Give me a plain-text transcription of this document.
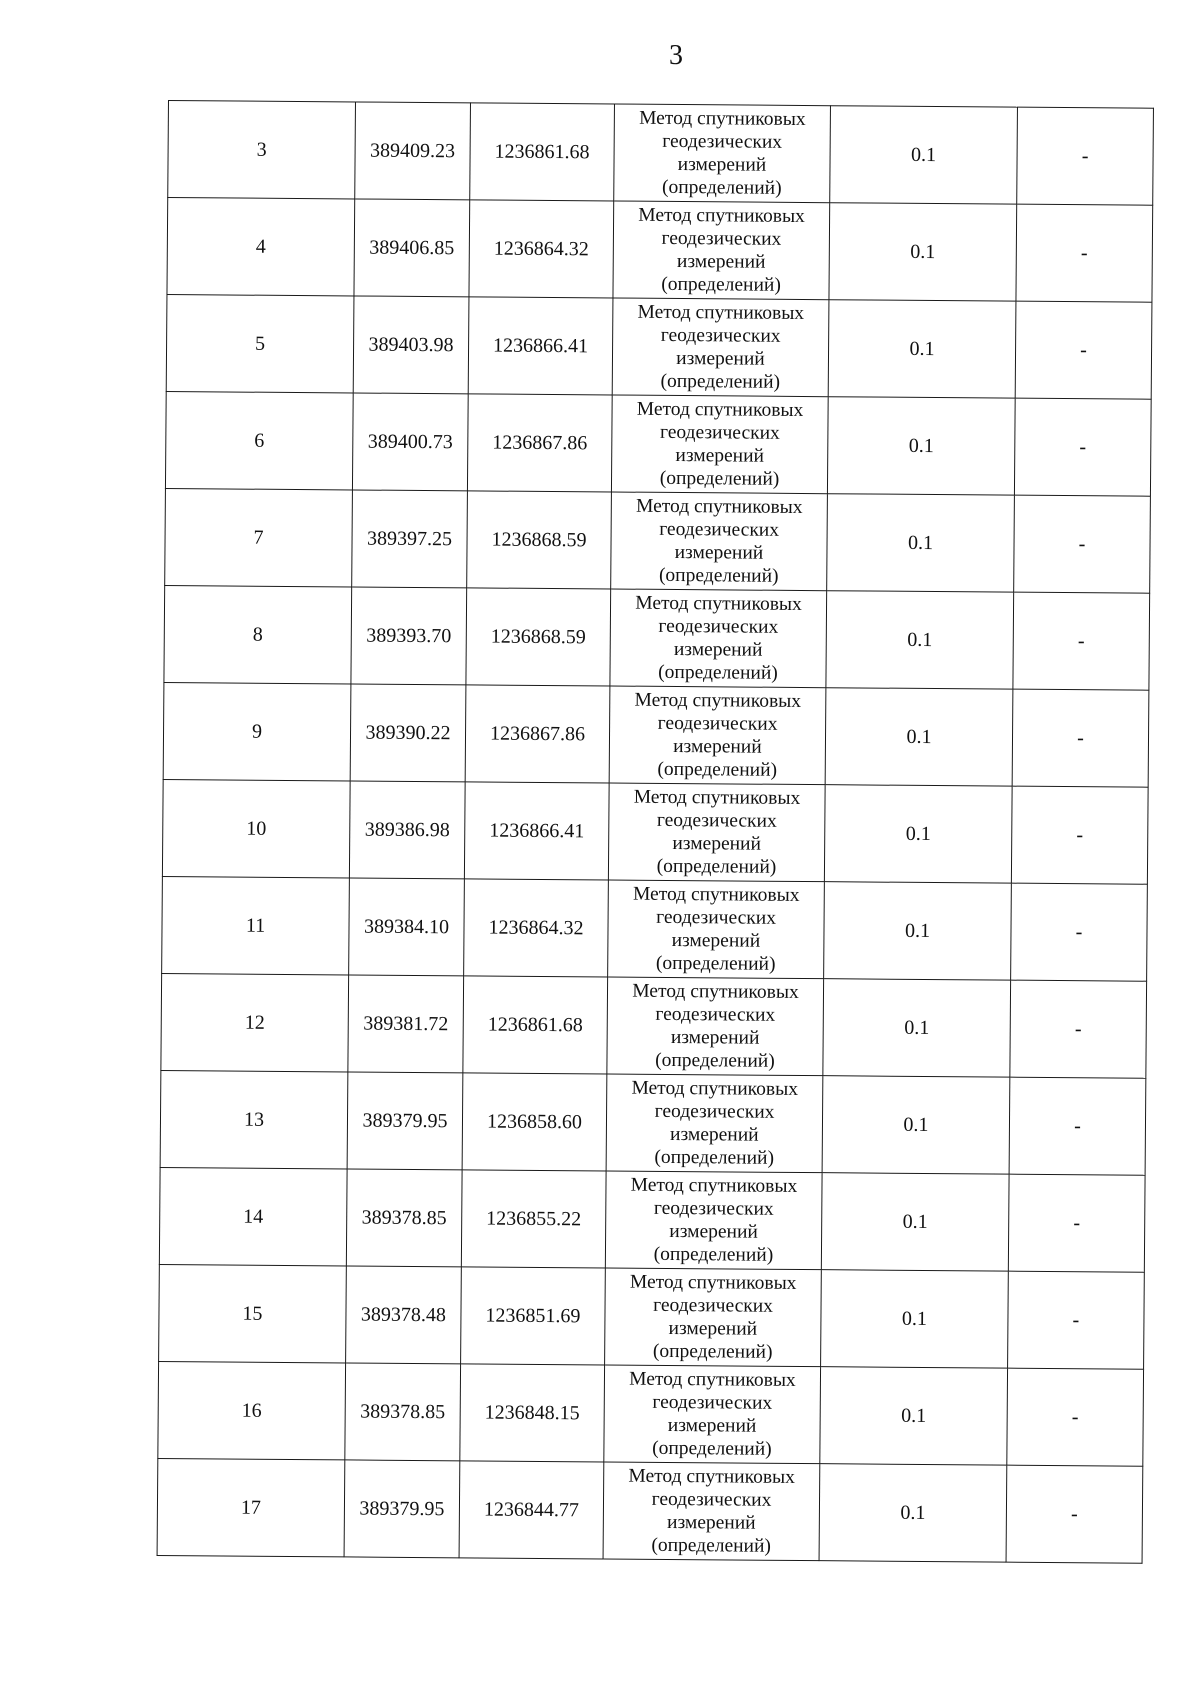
3
3	389409.23	1236861.68	Метод спутниковых
геодезических
измерений
(определений)	0.1	-
4	389406.85	1236864.32	Метод спутниковых
геодезических
измерений
(определений)	0.1	-
5	389403.98	1236866.41	Метод спутниковых
геодезических
измерений
(определений)	0.1	-
6	389400.73	1236867.86	Метод спутниковых
геодезических
измерений
(определений)	0.1	-
7	389397.25	1236868.59	Метод спутниковых
геодезических
измерений
(определений)	0.1	-
8	389393.70	1236868.59	Метод спутниковых
геодезических
измерений
(определений)	0.1	-
9	389390.22	1236867.86	Метод спутниковых
геодезических
измерений
(определений)	0.1	-
10	389386.98	1236866.41	Метод спутниковых
геодезических
измерений
(определений)	0.1	-
11	389384.10	1236864.32	Метод спутниковых
геодезических
измерений
(определений)	0.1	-
12	389381.72	1236861.68	Метод спутниковых
геодезических
измерений
(определений)	0.1	-
13	389379.95	1236858.60	Метод спутниковых
геодезических
измерений
(определений)	0.1	-
14	389378.85	1236855.22	Метод спутниковых
геодезических
измерений
(определений)	0.1	-
15	389378.48	1236851.69	Метод спутниковых
геодезических
измерений
(определений)	0.1	-
16	389378.85	1236848.15	Метод спутниковых
геодезических
измерений
(определений)	0.1	-
17	389379.95	1236844.77	Метод спутниковых
геодезических
измерений
(определений)	0.1	-
